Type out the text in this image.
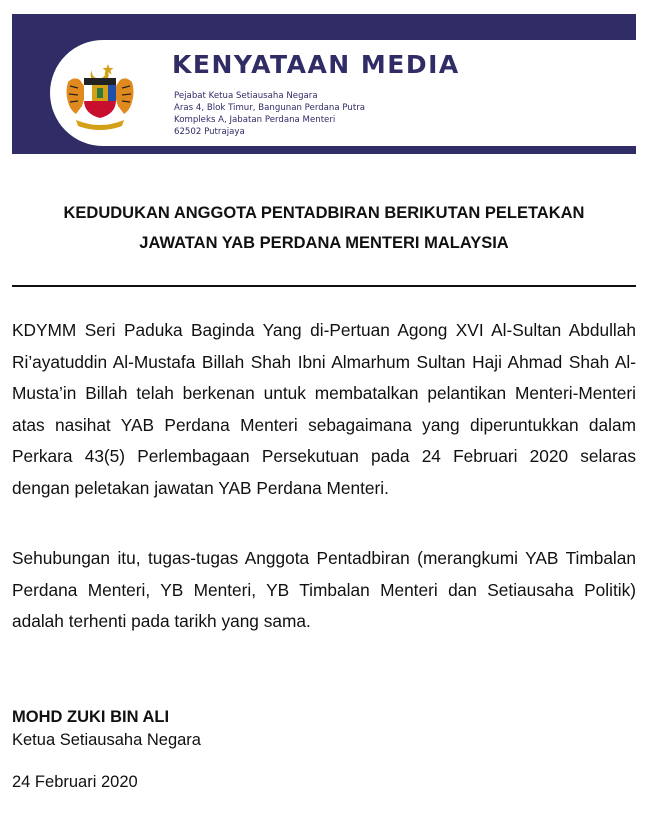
KENYATAAN MEDIA
Pejabat Ketua Setiausaha Negara
Aras 4, Blok Timur, Bangunan Perdana Putra
Kompleks A, Jabatan Perdana Menteri
62502 Putrajaya
KEDUDUKAN ANGGOTA PENTADBIRAN BERIKUTAN PELETAKAN
JAWATAN YAB PERDANA MENTERI MALAYSIA
KDYMM Seri Paduka Baginda Yang di-Pertuan Agong XVI Al-Sultan Abdullah Ri’ayatuddin Al-Mustafa Billah Shah Ibni Almarhum Sultan Haji Ahmad Shah Al-Musta’in Billah telah berkenan untuk membatalkan pelantikan Menteri-Menteri atas nasihat YAB Perdana Menteri sebagaimana yang diperuntukkan dalam Perkara 43(5) Perlembagaan Persekutuan pada 24 Februari 2020 selaras dengan peletakan jawatan YAB Perdana Menteri.
Sehubungan itu, tugas-tugas Anggota Pentadbiran (merangkumi YAB Timbalan Perdana Menteri, YB Menteri, YB Timbalan Menteri dan Setiausaha Politik) adalah terhenti pada tarikh yang sama.
MOHD ZUKI BIN ALI
Ketua Setiausaha Negara
24 Februari 2020
